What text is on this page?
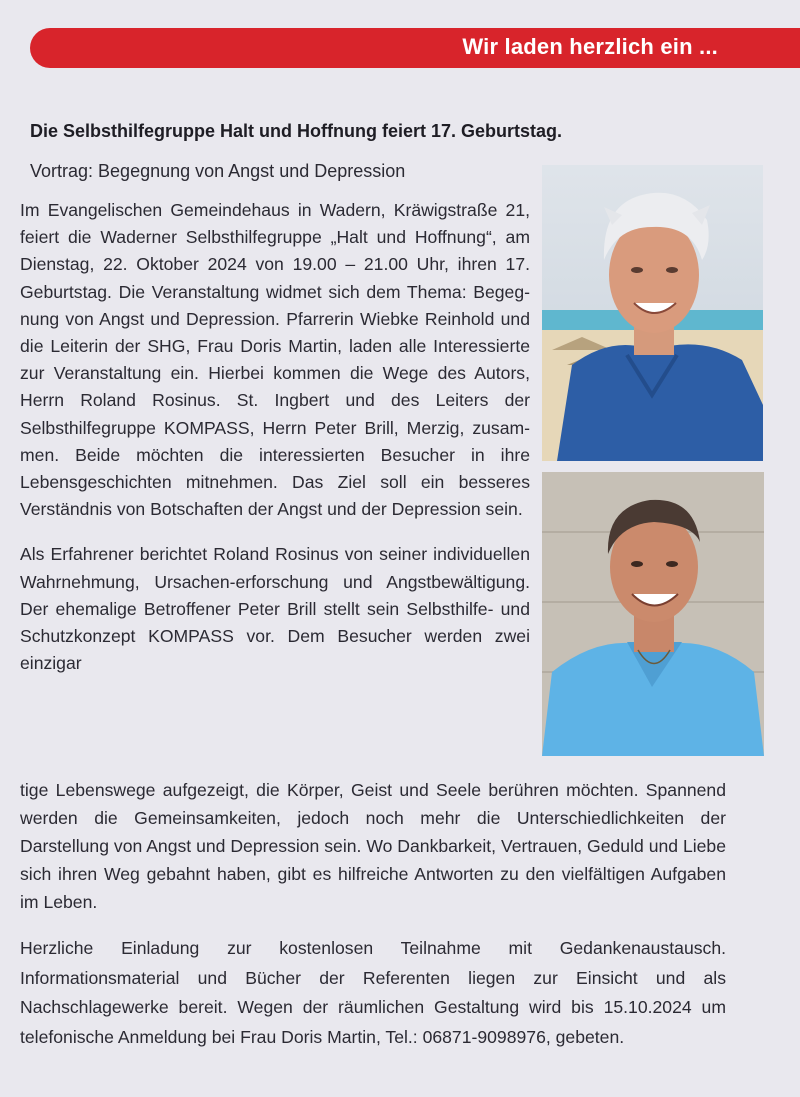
Wir laden herzlich ein ...
Die Selbsthilfegruppe Halt und Hoffnung feiert 17. Geburtstag.
Vortrag: Begegnung von Angst und Depression

Im Evangelischen Gemeindehaus in Wadern, Kräwigstraße 21, feiert die Waderner Selbsthilfegruppe „Halt und Hoffnung“, am Dienstag, 22. Oktober 2024 von 19.00 – 21.00 Uhr, ihren 17. Geburtstag. Die Veranstaltung widmet sich dem Thema: Begegnung von Angst und Depression. Pfarrerin Wiebke Reinhold und die Leiterin der SHG, Frau Doris Martin, laden alle Interessierte zur Veranstaltung ein. Hierbei kommen die Wege des Autors, Herrn Roland Rosinus. St. Ingbert und des Leiters der Selbsthilfegruppe KOMPASS, Herrn Peter Brill, Merzig, zusammen. Beide möchten die interessierten Besucher in ihre Lebensgeschichten mitnehmen. Das Ziel soll ein besseres Verständnis von Botschaften der Angst und der Depression sein.

Als Erfahrener berichtet Roland Rosinus von seiner individuellen Wahrnehmung, Ursachen-erforschung und Angstbewältigung. Der ehemalige Betroffener Peter Brill stellt sein Selbsthilfe- und Schutzkonzept KOMPASS vor. Dem Besucher werden zwei einzigar

tige Lebenswege aufgezeigt, die Körper, Geist und Seele berühren möchten. Spannend werden die Gemeinsamkeiten, jedoch noch mehr die Unterschiedlichkeiten der Darstellung von Angst und Depression sein. Wo Dankbarkeit, Vertrauen, Geduld und Liebe sich ihren Weg gebahnt haben, gibt es hilfreiche Antworten zu den vielfältigen Aufgaben im Leben.

Herzliche Einladung zur kostenlosen Teilnahme mit Gedankenaustausch. Informationsmaterial und Bücher der Referenten liegen zur Einsicht und als Nachschlagewerke bereit. Wegen der räumlichen Gestaltung wird bis 15.10.2024 um telefonische Anmeldung bei Frau Doris Martin, Tel.: 06871-9098976, gebeten.
